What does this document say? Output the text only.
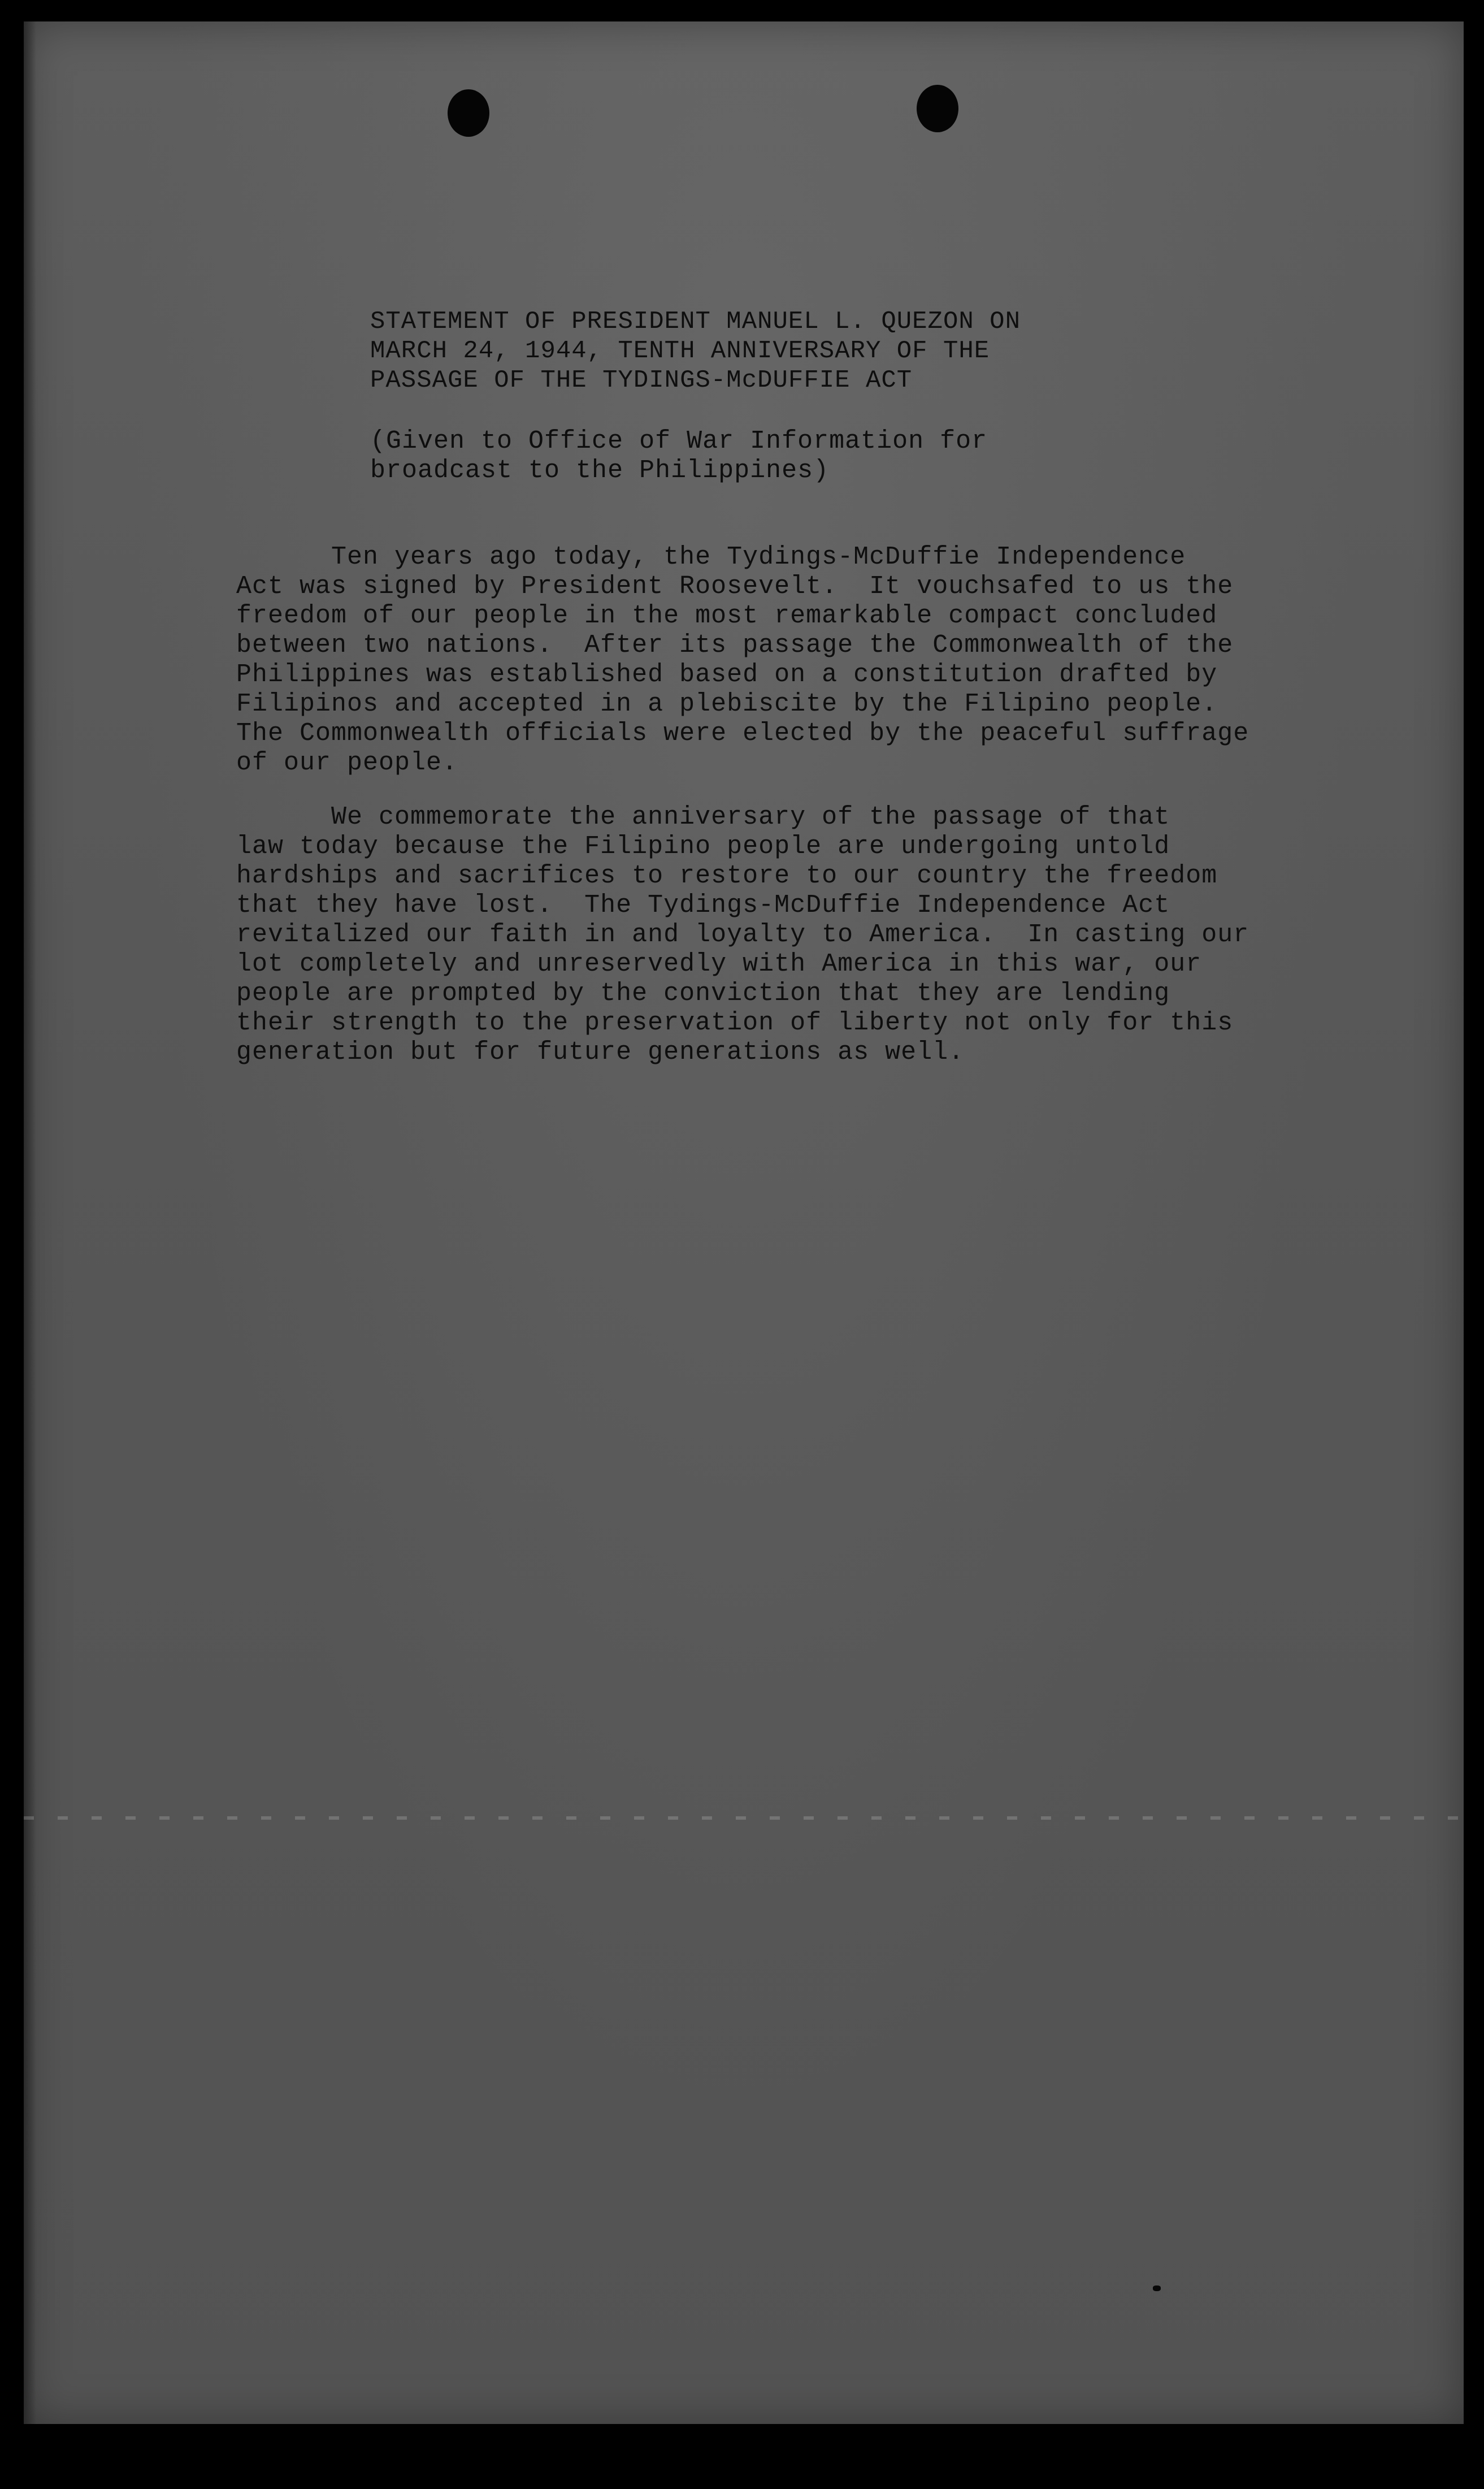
STATEMENT OF PRESIDENT MANUEL L. QUEZON ON
MARCH 24, 1944, TENTH ANNIVERSARY OF THE
PASSAGE OF THE TYDINGS-McDUFFIE ACT
(Given to Office of War Information for
broadcast to the Philippines)
Ten years ago today, the Tydings-McDuffie Independence
Act was signed by President Roosevelt.  It vouchsafed to us the
freedom of our people in the most remarkable compact concluded
between two nations.  After its passage the Commonwealth of the
Philippines was established based on a constitution drafted by
Filipinos and accepted in a plebiscite by the Filipino people.
The Commonwealth officials were elected by the peaceful suffrage
of our people.
We commemorate the anniversary of the passage of that
law today because the Filipino people are undergoing untold
hardships and sacrifices to restore to our country the freedom
that they have lost.  The Tydings-McDuffie Independence Act
revitalized our faith in and loyalty to America.  In casting our
lot completely and unreservedly with America in this war, our
people are prompted by the conviction that they are lending
their strength to the preservation of liberty not only for this
generation but for future generations as well.
